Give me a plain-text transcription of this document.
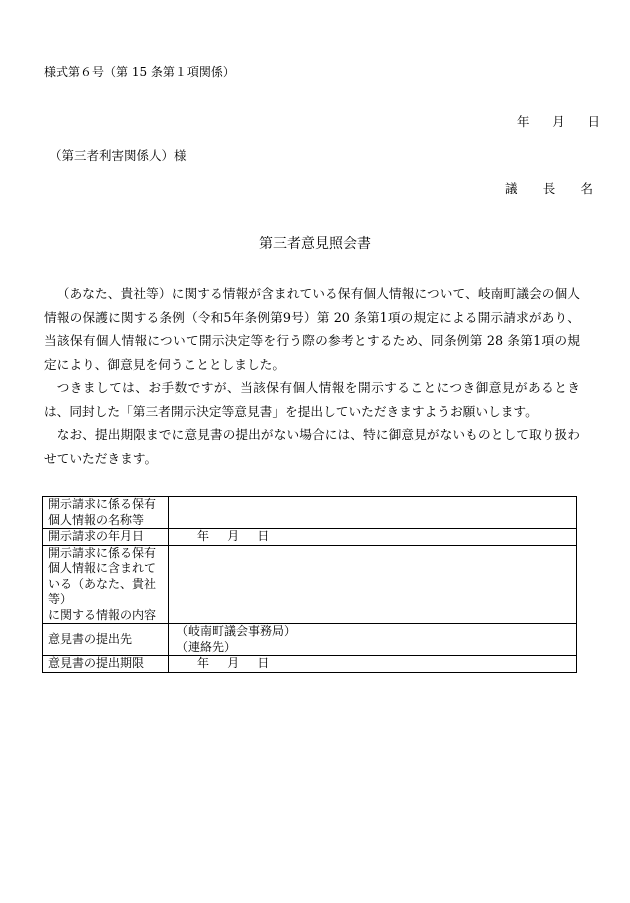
様式第６号（第 15 条第１項関係）
年 月 日
（第三者利害関係人）様
議 長 名
第三者意見照会書

（あなた、貴社等）に関する情報が含まれている保有個人情報について、岐南町議会の個人情報の保護に関する条例（令和5年条例第9号）第 20 条第1項の規定による開示請求があり、当該保有個人情報について開示決定等を行う際の参考とするため、同条例第 28 条第1項の規定により、御意見を伺うこととしました。

つきましては、お手数ですが、当該保有個人情報を開示することにつき御意見があるときは、同封した「第三者開示決定等意見書」を提出していただきますようお願いします。

なお、提出期限までに意見書の提出がない場合には、特に御意見がないものとして取り扱わせていただきます。

開示請求に係る保有
個人情報の名称等	

開示請求の年月日	年 月 日

開示請求に係る保有
個人情報に含まれて
いる（あなた、貴社等）
に関する情報の内容	

意見書の提出先	（岐南町議会事務局）
（連絡先）

意見書の提出期限	年 月 日
